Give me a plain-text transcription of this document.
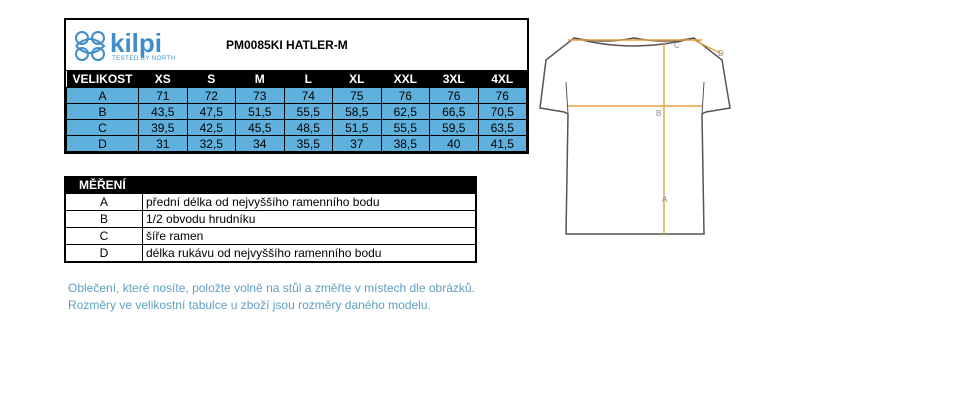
kilpi
TESTED BY NORTH
PM0085KI HATLER-M
VELIKOST	XS	S	M	L	XL	XXL	3XL	4XL
A	71	72	73	74	75	76	76	76
B	43,5	47,5	51,5	55,5	58,5	62,5	66,5	70,5
C	39,5	42,5	45,5	48,5	51,5	55,5	59,5	63,5
D	31	32,5	34	35,5	37	38,5	40	41,5
MĚŘENÍ
A	přední délka od nejvyššího ramenního bodu
B	1/2 obvodu hrudníku
C	šíře ramen
D	délka rukávu od nejvyššího ramenního bodu
Oblečení, které nosíte, položte volně na stůl a změřte v místech dle obrázků.
Rozměry ve velikostní tabulce u zboží jsou rozměry daného modelu.
C
D
B
A
